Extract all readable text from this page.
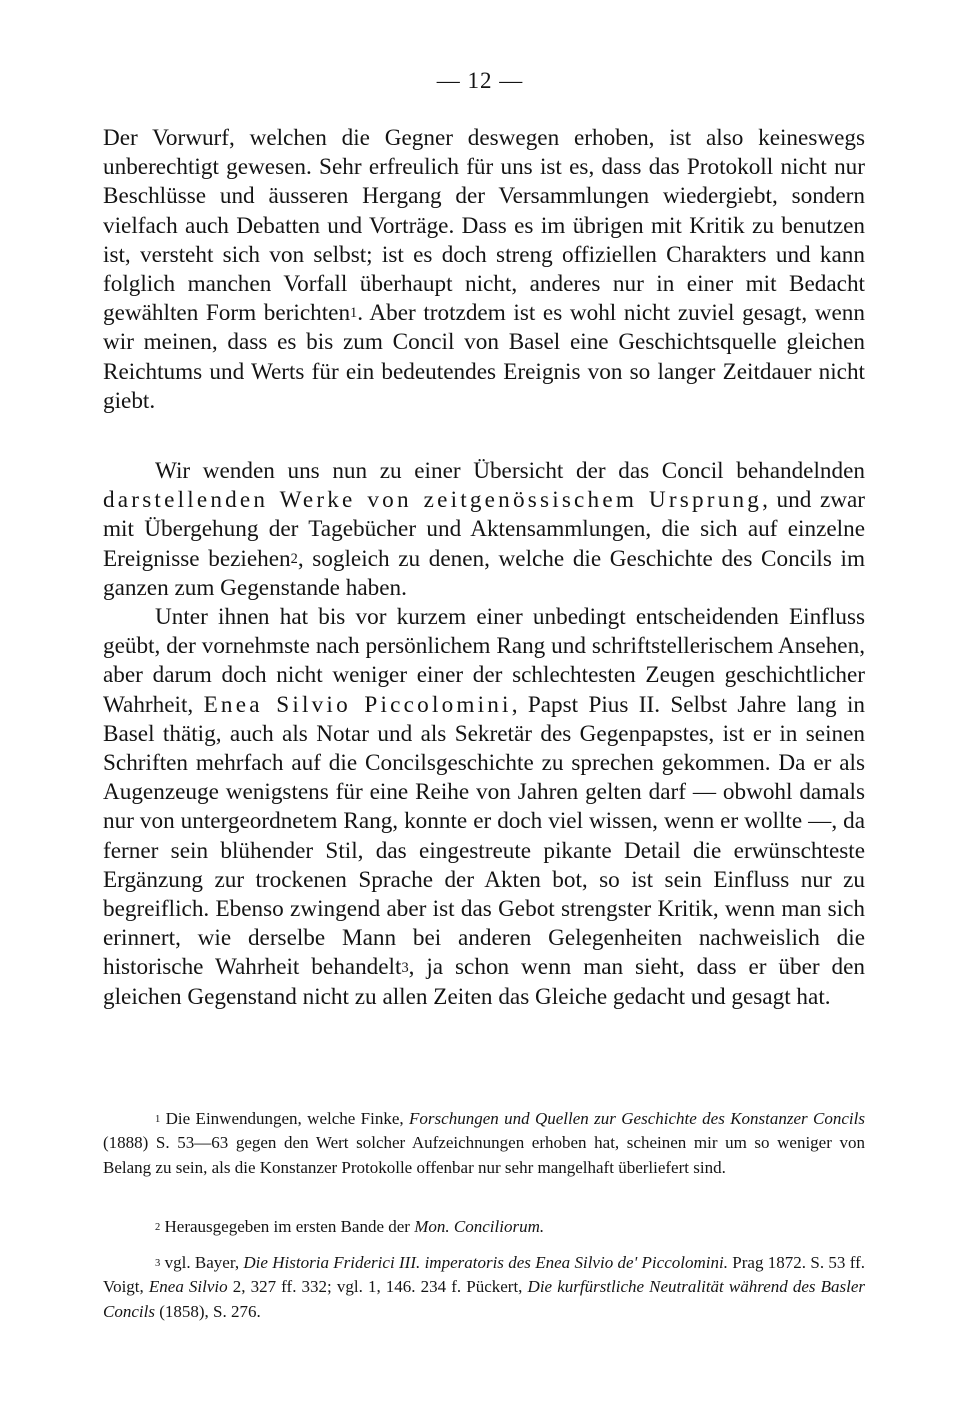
— 12 —

Der Vorwurf, welchen die Gegner deswegen erhoben, ist also keineswegs unberechtigt gewesen. Sehr erfreulich für uns ist es, dass das Protokoll nicht nur Beschlüsse und äusseren Hergang der Versammlungen wiedergiebt, sondern vielfach auch Debatten und Vorträge. Dass es im übrigen mit Kritik zu benutzen ist, versteht sich von selbst; ist es doch streng offiziellen Charakters und kann folglich manchen Vorfall überhaupt nicht, anderes nur in einer mit Bedacht gewählten Form berichten$^1$. Aber trotzdem ist es wohl nicht zuviel gesagt, wenn wir meinen, dass es bis zum Concil von Basel eine Geschichtsquelle gleichen Reichtums und Werts für ein bedeutendes Ereignis von so langer Zeitdauer nicht giebt.

Wir wenden uns nun zu einer Übersicht der das Concil behandelnden darstellenden Werke von zeitgenössischem Ursprung, und zwar mit Übergehung der Tagebücher und Aktensammlungen, die sich auf einzelne Ereignisse beziehen$^2$, sogleich zu denen, welche die Geschichte des Concils im ganzen zum Gegenstande haben.

Unter ihnen hat bis vor kurzem einer unbedingt entscheidenden Einfluss geübt, der vornehmste nach persönlichem Rang und schriftstellerischem Ansehen, aber darum doch nicht weniger einer der schlechtesten Zeugen geschichtlicher Wahrheit, Enea Silvio Piccolomini, Papst Pius II. Selbst Jahre lang in Basel thätig, auch als Notar und als Sekretär des Gegenpapstes, ist er in seinen Schriften mehrfach auf die Concilsgeschichte zu sprechen gekommen. Da er als Augenzeuge wenigstens für eine Reihe von Jahren gelten darf — obwohl damals nur von untergeordnetem Rang, konnte er doch viel wissen, wenn er wollte —, da ferner sein blühender Stil, das eingestreute pikante Detail die erwünschteste Ergänzung zur trockenen Sprache der Akten bot, so ist sein Einfluss nur zu begreiflich. Ebenso zwingend aber ist das Gebot strengster Kritik, wenn man sich erinnert, wie derselbe Mann bei anderen Gelegenheiten nachweislich die historische Wahrheit behandelt$^3$, ja schon wenn man sieht, dass er über den gleichen Gegenstand nicht zu allen Zeiten das Gleiche gedacht und gesagt hat.

$^1$ Die Einwendungen, welche Finke, Forschungen und Quellen zur Geschichte des Konstanzer Concils (1888) S. 53—63 gegen den Wert solcher Aufzeichnungen erhoben hat, scheinen mir um so weniger von Belang zu sein, als die Konstanzer Protokolle offenbar nur sehr mangelhaft überliefert sind.

$^2$ Herausgegeben im ersten Bande der Mon. Conciliorum.

$^3$ vgl. Bayer, Die Historia Friderici III. imperatoris des Enea Silvio de' Piccolomini. Prag 1872. S. 53 ff. Voigt, Enea Silvio 2, 327 ff. 332; vgl. 1, 146. 234 f. Pückert, Die kurfürstliche Neutralität während des Basler Concils (1858), S. 276.
